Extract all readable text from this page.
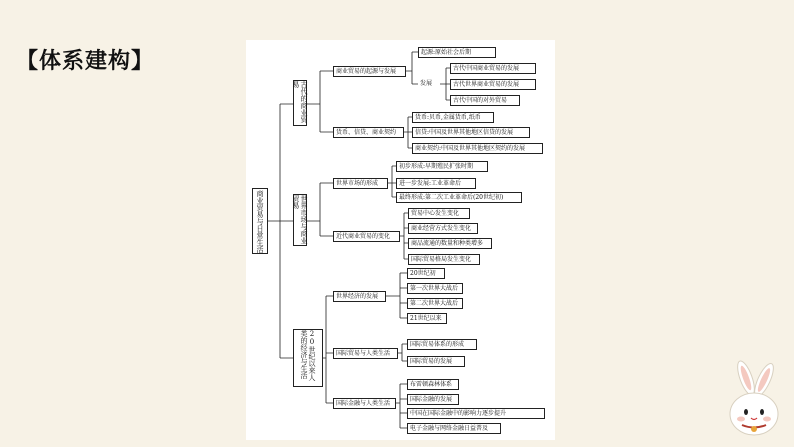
【体系建构】
商业贸易与日常生活
古代的商业贸易
世界市场与商业贸易
20世纪以来人类的经济与生活
商业贸易的起源与发展
货币、信贷、商业契约
起源:原始社会后期
发展
古代中国商业贸易的发展
古代世界商业贸易的发展
古代中国的对外贸易
货币:贝币,金属货币,纸币
信贷:中国及世界其他地区信贷的发展
商业契约:中国及世界其他地区契约的发展
世界市场的形成
近代商业贸易的变化
初步形成:早期殖民扩张时期
进一步发展:工业革命后
最终形成:第二次工业革命后(20世纪初)
贸易中心发生变化
商业经营方式发生变化
商品流通的数量和种类增多
国际贸易格局发生变化
世界经济的发展
国际贸易与人类生活
国际金融与人类生活
20世纪初
第一次世界大战后
第二次世界大战后
21世纪以来
国际贸易体系的形成
国际贸易的发展
布雷顿森林体系
国际金融的发展
中国在国际金融中的影响力逐步提升
电子金融与网络金融日益普及
